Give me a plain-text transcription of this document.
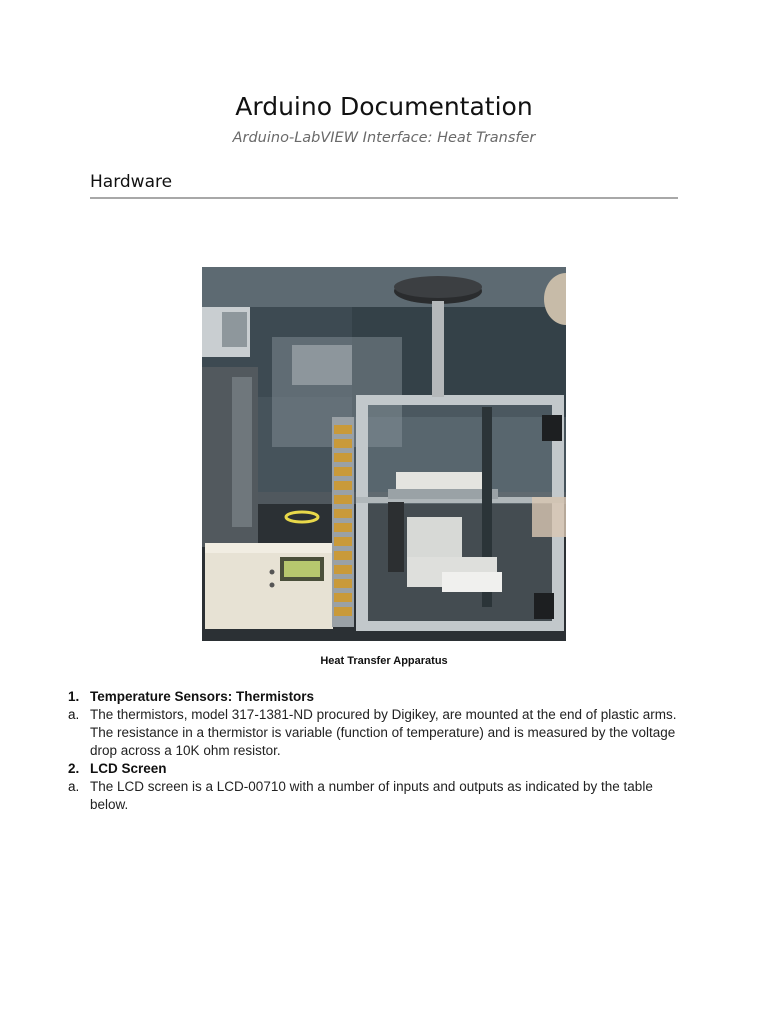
Arduino Documentation
Arduino-LabVIEW Interface: Heat Transfer
Hardware
Heat Transfer Apparatus
1. Temperature Sensors: Thermistors
a. The thermistors, model 317-1381-ND procured by Digikey, are mounted at the end of plastic arms. The resistance in a thermistor is variable (function of temperature) and is measured by the voltage drop across a 10K ohm resistor.
2. LCD Screen
a. The LCD screen is a LCD-00710 with a number of inputs and outputs as indicated by the table below.
